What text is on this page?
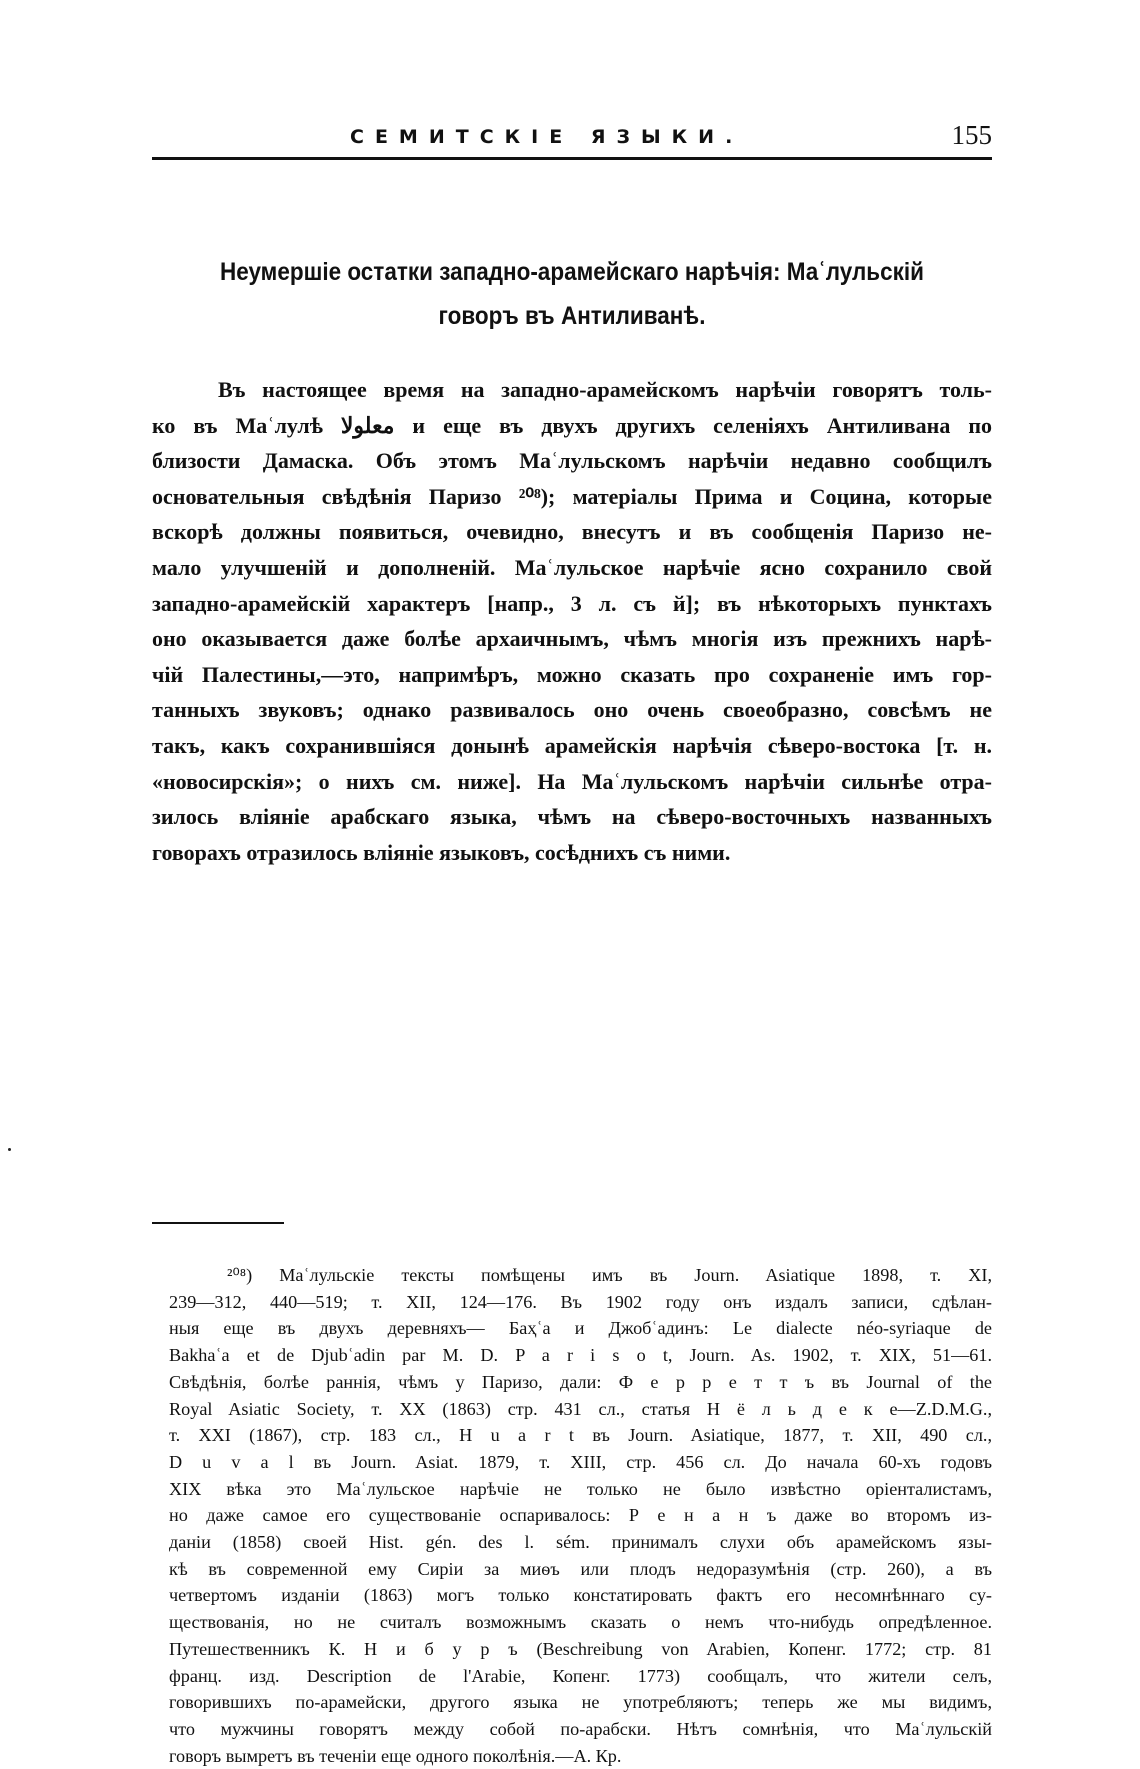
СЕМИТСКІЕ ЯЗЫКИ.	155
Неумершіе остатки западно-арамейскаго нарѣчія: Маʿлульскій
говоръ въ Антиливанѣ.
Въ настоящее время на западно-арамейскомъ нарѣчіи говорятъ толь-
ко въ Маʿлулѣ معلولا и еще въ двухъ другихъ селеніяхъ Антиливана по
близости Дамаска. Объ этомъ Маʿлульскомъ нарѣчіи недавно сообщилъ
основательныя свѣдѣнія Паризо ²⁰⁸); матеріалы Прима и Социна, которые
вскорѣ должны появиться, очевидно, внесутъ и въ сообщенія Паризо не-
мало улучшеній и дополненій. Маʿлульское нарѣчіе ясно сохранило свой
западно-арамейскій характеръ [напр., 3 л. съ й]; въ нѣкоторыхъ пунктахъ
оно оказывается даже болѣе архаичнымъ, чѣмъ многія изъ прежнихъ нарѣ-
чій Палестины,—это, напримѣръ, можно сказать про сохраненіе имъ гор-
танныхъ звуковъ; однако развивалось оно очень своеобразно, совсѣмъ не
такъ, какъ сохранившіяся донынѣ арамейскія нарѣчія сѣверо-востока [т. н.
«новосирскія»; о нихъ см. ниже]. На Маʿлульскомъ нарѣчіи сильнѣе отра-
зилось вліяніе арабскаго языка, чѣмъ на сѣверо-восточныхъ названныхъ
говорахъ отразилось вліяніе языковъ, сосѣднихъ съ ними.
²⁰⁸) Маʿлульскіе тексты помѣщены имъ въ Journ. Asiatique 1898, т. XI,
239—312, 440—519; т. XII, 124—176. Въ 1902 году онъ издалъ записи, сдѣлан-
ныя еще въ двухъ деревняхъ— Баҳʿа и Джобʿадинъ: Le dialecte néo-syriaque de
Bakhaʿa et de Djubʿadin par M. D. P a r i s o t, Journ. As. 1902, т. XIX, 51—61.
Свѣдѣнія, болѣе раннія, чѣмъ у Паризо, дали: Ф е р р е т т ъ въ Journal of the
Royal Asiatic Society, т. XX (1863) стр. 431 сл., статья Н ё л ь д е к е—Z.D.M.G.,
т. XXI (1867), стр. 183 сл., H u a r t въ Journ. Asiatique, 1877, т. XII, 490 сл.,
D u v a l въ Journ. Asiat. 1879, т. XIII, стр. 456 сл. До начала 60-хъ годовъ
XIX вѣка это Маʿлульское нарѣчіе не только не было извѣстно оріенталистамъ,
но даже самое его существованіе оспаривалось: Р е н а н ъ даже во второмъ из-
даніи (1858) своей Hist. gén. des l. sém. принималъ слухи объ арамейскомъ язы-
кѣ въ современной ему Сиріи за миѳъ или плодъ недоразумѣнія (стр. 260), а въ
четвертомъ изданіи (1863) могъ только констатировать фактъ его несомнѣннаго су-
ществованія, но не считалъ возможнымъ сказать о немъ что-нибудь опредѣленное.
Путешественникъ К. Н и б у р ъ (Beschreibung von Arabien, Копенг. 1772; стр. 81
франц. изд. Description de l'Arabie, Копенг. 1773) сообщалъ, что жители селъ,
говорившихъ по-арамейски, другого языка не употребляютъ; теперь же мы видимъ,
что мужчины говорятъ между собой по-арабски. Нѣтъ сомнѣнія, что Маʿлульскій
говоръ вымретъ въ теченіи еще одного поколѣнія.—А. Кр.
